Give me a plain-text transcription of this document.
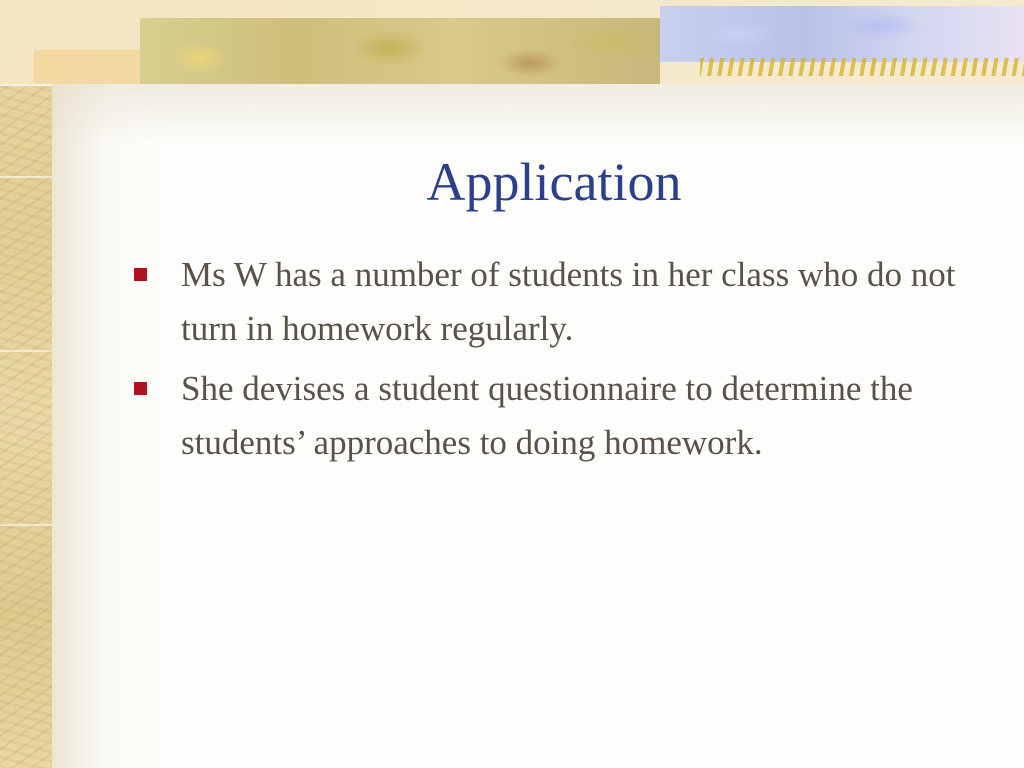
Application
Ms W has a number of students in her class who do not turn in homework regularly.
She devises a student questionnaire to determine the students’ approaches to doing homework.
